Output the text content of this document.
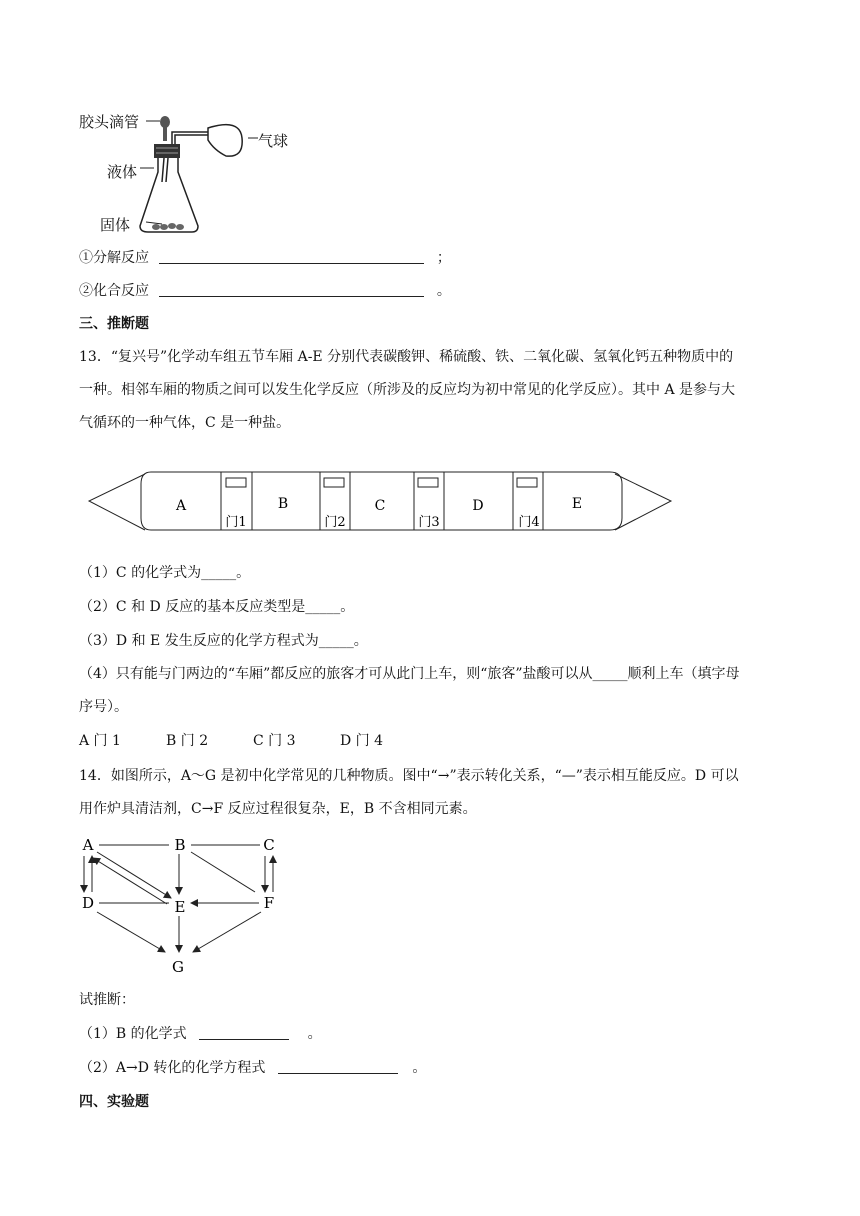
胶头滴管
气球
液体
固体
①分解反应	；
②化合反应	。
三、推断题
13．“复兴号”化学动车组五节车厢 A-E 分别代表碳酸钾、稀硫酸、铁、二氧化碳、氢氧化钙五种物质中的
一种。相邻车厢的物质之间可以发生化学反应（所涉及的反应均为初中常见的化学反应）。其中 A 是参与大
气循环的一种气体，C 是一种盐。
A	B	C	D	E
门1	门2	门3	门4
（1）C 的化学式为_____。
（2）C 和 D 反应的基本反应类型是_____。
（3）D 和 E 发生反应的化学方程式为_____。
（4）只有能与门两边的“车厢”都反应的旅客才可从此门上车，则“旅客”盐酸可以从_____顺利上车（填字母
序号）。
A 门 1	B 门 2	C 门 3	D 门 4
14．如图所示，A～G 是初中化学常见的几种物质。图中“→”表示转化关系，“—”表示相互能反应。D 可以
用作炉具清洁剂，C→F 反应过程很复杂，E，B 不含相同元素。
A	B	C
D	E	F
G
试推断：
（1）B 的化学式	。
（2）A→D 转化的化学方程式	。
四、实验题
